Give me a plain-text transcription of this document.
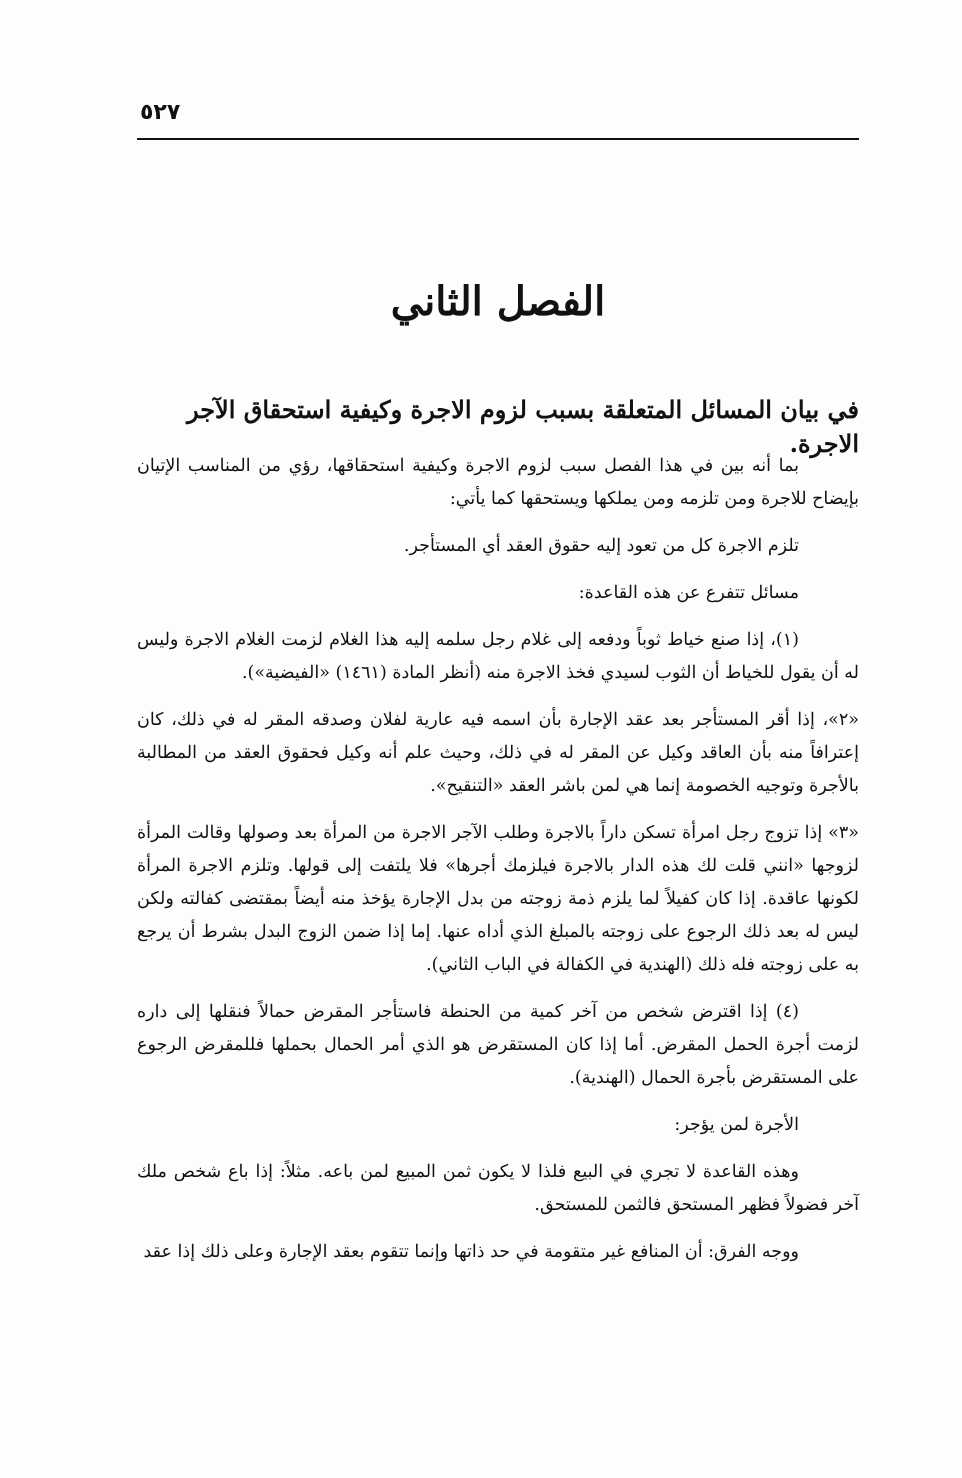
٥٢٧
الفصل الثاني
في بيان المسائل المتعلقة بسبب لزوم الاجرة وكيفية استحقاق الآجر الاجرة.

بما أنه بين في هذا الفصل سبب لزوم الاجرة وكيفية استحقاقها، رؤي من المناسب الإتيان بإيضاح للاجرة ومن تلزمه ومن يملكها ويستحقها كما يأتي:

تلزم الاجرة كل من تعود إليه حقوق العقد أي المستأجر.

مسائل تتفرع عن هذه القاعدة:

(١)، إذا صنع خياط ثوباً ودفعه إلى غلام رجل سلمه إليه هذا الغلام لزمت الغلام الاجرة وليس له أن يقول للخياط أن الثوب لسيدي فخذ الاجرة منه (أنظر المادة (١٤٦١) «الفيضية»).

«٢»، إذا أقر المستأجر بعد عقد الإجارة بأن اسمه فيه عارية لفلان وصدقه المقر له في ذلك، كان إعترافاً منه بأن العاقد وكيل عن المقر له في ذلك، وحيث علم أنه وكيل فحقوق العقد من المطالبة بالأجرة وتوجيه الخصومة إنما هي لمن باشر العقد «التنقيح».

«٣» إذا تزوج رجل امرأة تسكن داراً بالاجرة وطلب الآجر الاجرة من المرأة بعد وصولها وقالت المرأة لزوجها «انني قلت لك هذه الدار بالاجرة فيلزمك أجرها» فلا يلتفت إلى قولها. وتلزم الاجرة المرأة لكونها عاقدة. إذا كان كفيلاً لما يلزم ذمة زوجته من بدل الإجارة يؤخذ منه أيضاً بمقتضى كفالته ولكن ليس له بعد ذلك الرجوع على زوجته بالمبلغ الذي أداه عنها. إما إذا ضمن الزوج البدل بشرط أن يرجع به على زوجته فله ذلك (الهندية في الكفالة في الباب الثاني).

(٤) إذا اقترض شخص من آخر كمية من الحنطة فاستأجر المقرض حمالاً فنقلها إلى داره لزمت أجرة الحمل المقرض. أما إذا كان المستقرض هو الذي أمر الحمال بحملها فللمقرض الرجوع على المستقرض بأجرة الحمال (الهندية).

الأجرة لمن يؤجر:

وهذه القاعدة لا تجري في البيع فلذا لا يكون ثمن المبيع لمن باعه. مثلاً: إذا باع شخص ملك آخر فضولاً فظهر المستحق فالثمن للمستحق.

ووجه الفرق: أن المنافع غير متقومة في حد ذاتها وإنما تتقوم بعقد الإجارة وعلى ذلك إذا عقد
